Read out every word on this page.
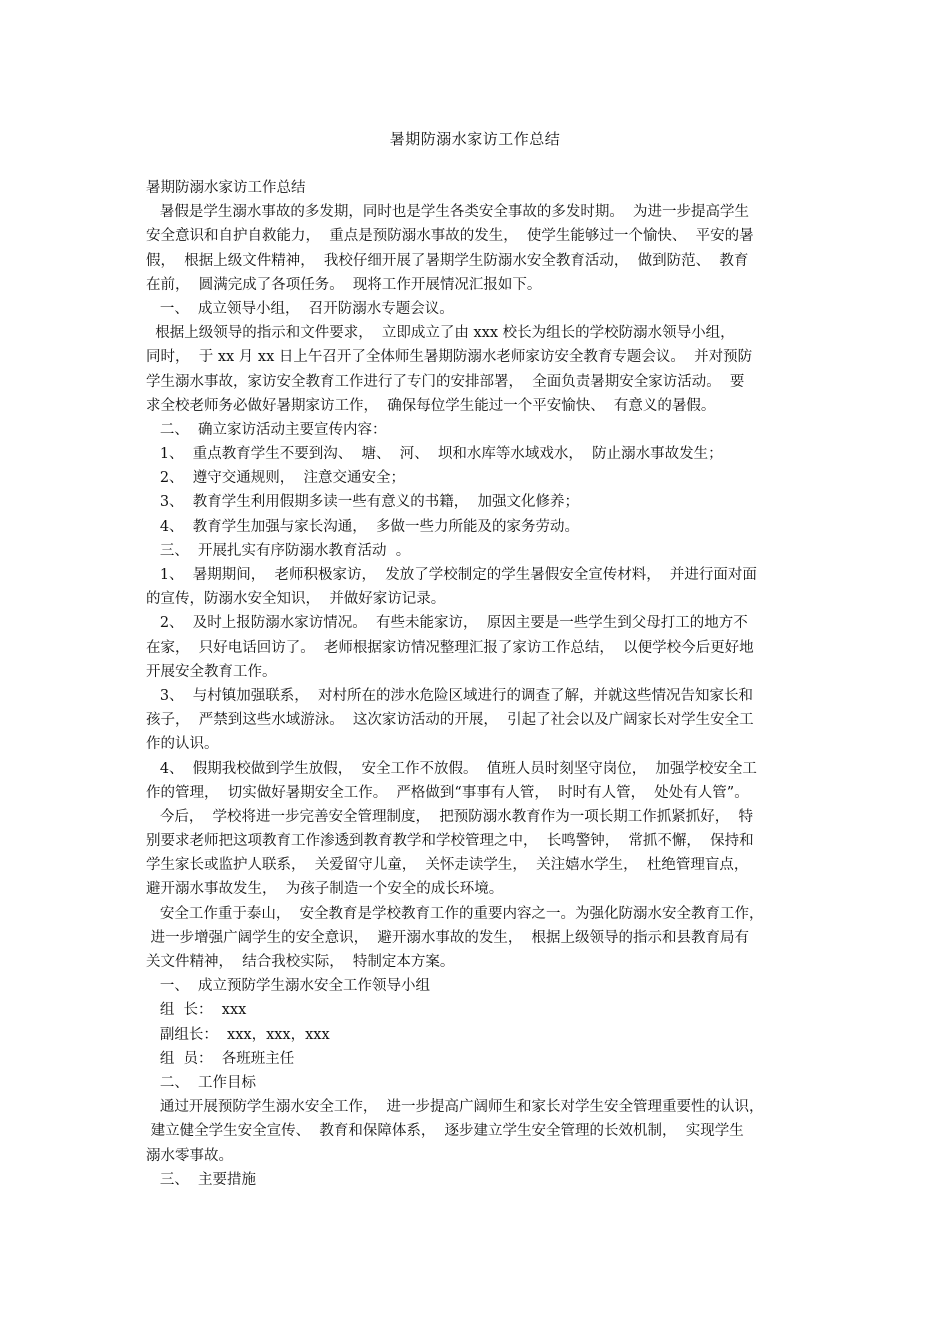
暑期防溺水家访工作总结
暑期防溺水家访工作总结
暑假是学生溺水事故的多发期，同时也是学生各类安全事故的多发时期。  为进一步提高学生
安全意识和自护自救能力，  重点是预防溺水事故的发生，  使学生能够过一个愉快、  平安的暑
假，  根据上级文件精神，  我校仔细开展了暑期学生防溺水安全教育活动，  做到防范、  教育
在前，  圆满完成了各项任务。  现将工作开展情况汇报如下。
一、  成立领导小组，  召开防溺水专题会议。
根据上级领导的指示和文件要求，  立即成立了由 xxx 校长为组长的学校防溺水领导小组，
同时，  于 xx 月 xx 日上午召开了全体师生暑期防溺水老师家访安全教育专题会议。  并对预防
学生溺水事故，家访安全教育工作进行了专门的安排部署，  全面负责暑期安全家访活动。  要
求全校老师务必做好暑期家访工作，  确保每位学生能过一个平安愉快、  有意义的暑假。
二、  确立家访活动主要宣传内容：
1、  重点教育学生不要到沟、  塘、  河、  坝和水库等水域戏水，  防止溺水事故发生；
2、  遵守交通规则，  注意交通安全；
3、  教育学生利用假期多读一些有意义的书籍，  加强文化修养；
4、  教育学生加强与家长沟通，  多做一些力所能及的家务劳动。
三、  开展扎实有序防溺水教育活动  。
1、  暑期期间，  老师积极家访，  发放了学校制定的学生暑假安全宣传材料，  并进行面对面
的宣传，防溺水安全知识，  并做好家访记录。
2、  及时上报防溺水家访情况。  有些未能家访，  原因主要是一些学生到父母打工的地方不
在家，  只好电话回访了。  老师根据家访情况整理汇报了家访工作总结，  以便学校今后更好地
开展安全教育工作。
3、  与村镇加强联系，  对村所在的涉水危险区域进行的调查了解，并就这些情况告知家长和
孩子，  严禁到这些水域游泳。  这次家访活动的开展，  引起了社会以及广阔家长对学生安全工
作的认识。
4、  假期我校做到学生放假，  安全工作不放假。  值班人员时刻坚守岗位，  加强学校安全工
作的管理，  切实做好暑期安全工作。  严格做到“事事有人管，  时时有人管，  处处有人管”。
今后，  学校将进一步完善安全管理制度，  把预防溺水教育作为一项长期工作抓紧抓好，  特
别要求老师把这项教育工作渗透到教育教学和学校管理之中，  长鸣警钟，  常抓不懈，  保持和
学生家长或监护人联系，  关爱留守儿童，  关怀走读学生，  关注嬉水学生，  杜绝管理盲点，
避开溺水事故发生，  为孩子制造一个安全的成长环境。
安全工作重于泰山，  安全教育是学校教育工作的重要内容之一。为强化防溺水安全教育工作，
进一步增强广阔学生的安全意识，  避开溺水事故的发生，  根据上级领导的指示和县教育局有
关文件精神，  结合我校实际，  特制定本方案。
一、  成立预防学生溺水安全工作领导小组
组  长：  xxx
副组长：  xxx，xxx，xxx
组  员：  各班班主任
二、  工作目标
通过开展预防学生溺水安全工作，  进一步提高广阔师生和家长对学生安全管理重要性的认识，
建立健全学生安全宣传、  教育和保障体系，  逐步建立学生安全管理的长效机制，  实现学生
溺水零事故。
三、  主要措施
